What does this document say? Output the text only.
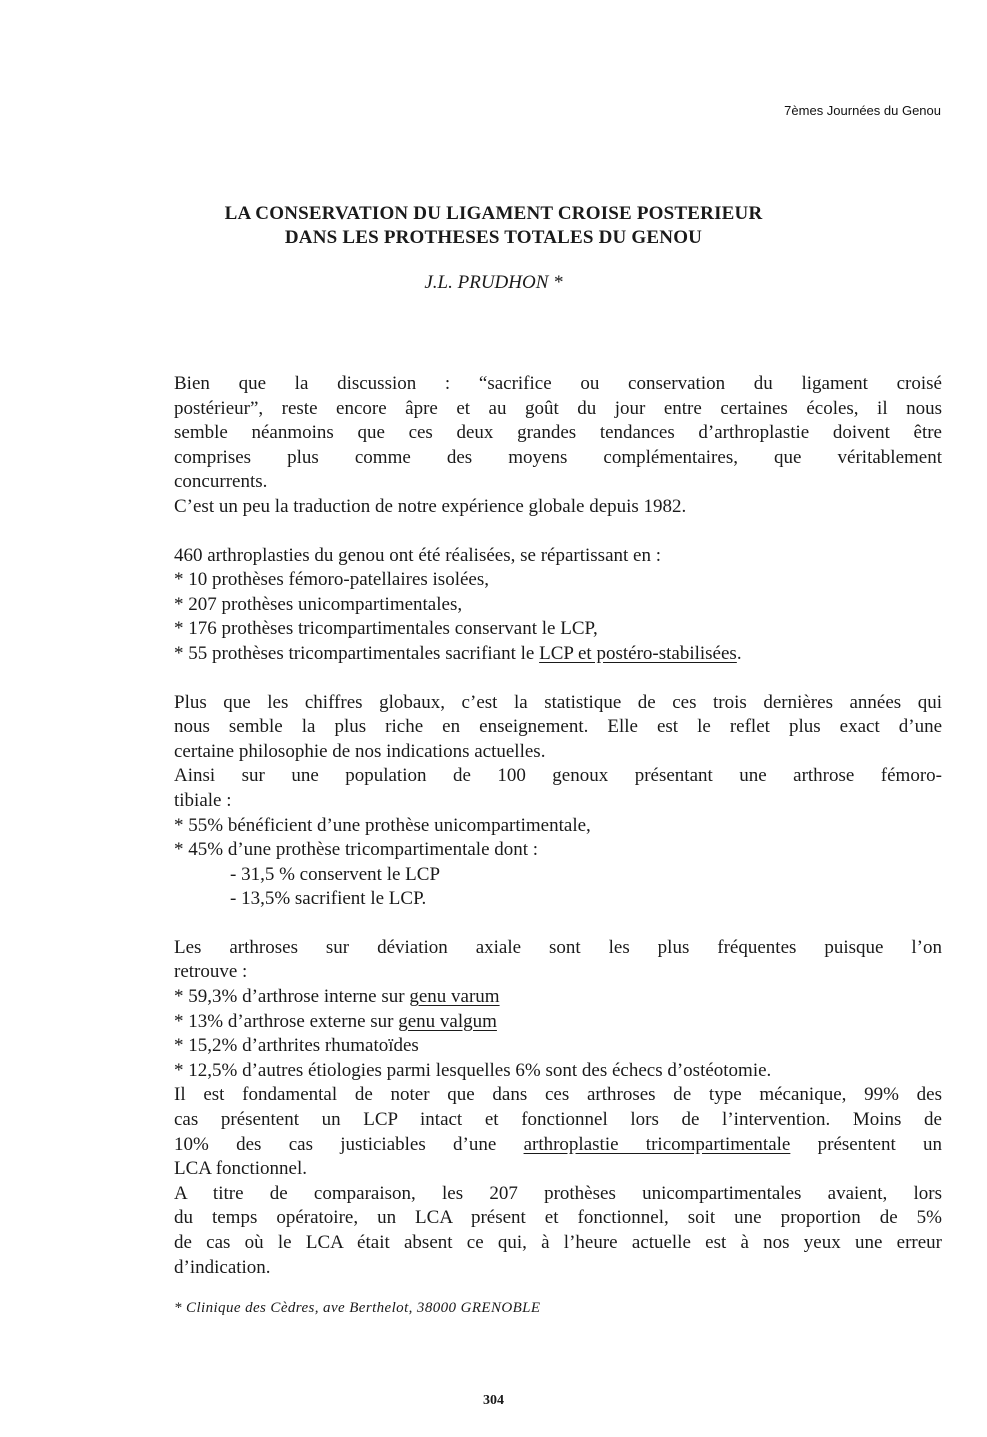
7èmes Journées du Genou
LA CONSERVATION DU LIGAMENT CROISE POSTERIEUR
DANS LES PROTHESES TOTALES DU GENOU
J.L. PRUDHON *

Bien que la discussion : “sacrifice ou conservation du ligament croisé

postérieur”, reste encore âpre et au goût du jour entre certaines écoles, il nous

semble néanmoins que ces deux grandes tendances d’arthroplastie doivent être

comprises plus comme des moyens complémentaires, que véritablement

concurrents.

C’est un peu la traduction de notre expérience globale depuis 1982.

460 arthroplasties du genou ont été réalisées, se répartissant en :

* 10 prothèses fémoro-patellaires isolées,

* 207 prothèses unicompartimentales,

* 176 prothèses tricompartimentales conservant le LCP,

* 55 prothèses tricompartimentales sacrifiant le LCP et postéro-stabilisées.

Plus que les chiffres globaux, c’est la statistique de ces trois dernières années qui

nous semble la plus riche en enseignement. Elle est le reflet plus exact d’une

certaine philosophie de nos indications actuelles.

Ainsi sur une population de 100 genoux présentant une arthrose fémoro-

tibiale :

* 55% bénéficient d’une prothèse unicompartimentale,

* 45% d’une prothèse tricompartimentale dont :

- 31,5 % conservent le LCP

- 13,5% sacrifient le LCP.

Les arthroses sur déviation axiale sont les plus fréquentes puisque l’on

retrouve :

* 59,3% d’arthrose interne sur genu varum

* 13% d’arthrose externe sur genu valgum

* 15,2% d’arthrites rhumatoïdes

* 12,5% d’autres étiologies parmi lesquelles 6% sont des échecs d’ostéotomie.

Il est fondamental de noter que dans ces arthroses de type mécanique, 99% des

cas présentent un LCP intact et fonctionnel lors de l’intervention. Moins de

10% des cas justiciables d’une arthroplastie tricompartimentale présentent un

LCA fonctionnel.

A titre de comparaison, les 207 prothèses unicompartimentales avaient, lors

du temps opératoire, un LCA présent et fonctionnel, soit une proportion de 5%

de cas où le LCA était absent ce qui, à l’heure actuelle est à nos yeux une erreur

d’indication.

* Clinique des Cèdres, ave Berthelot, 38000 GRENOBLE
304
